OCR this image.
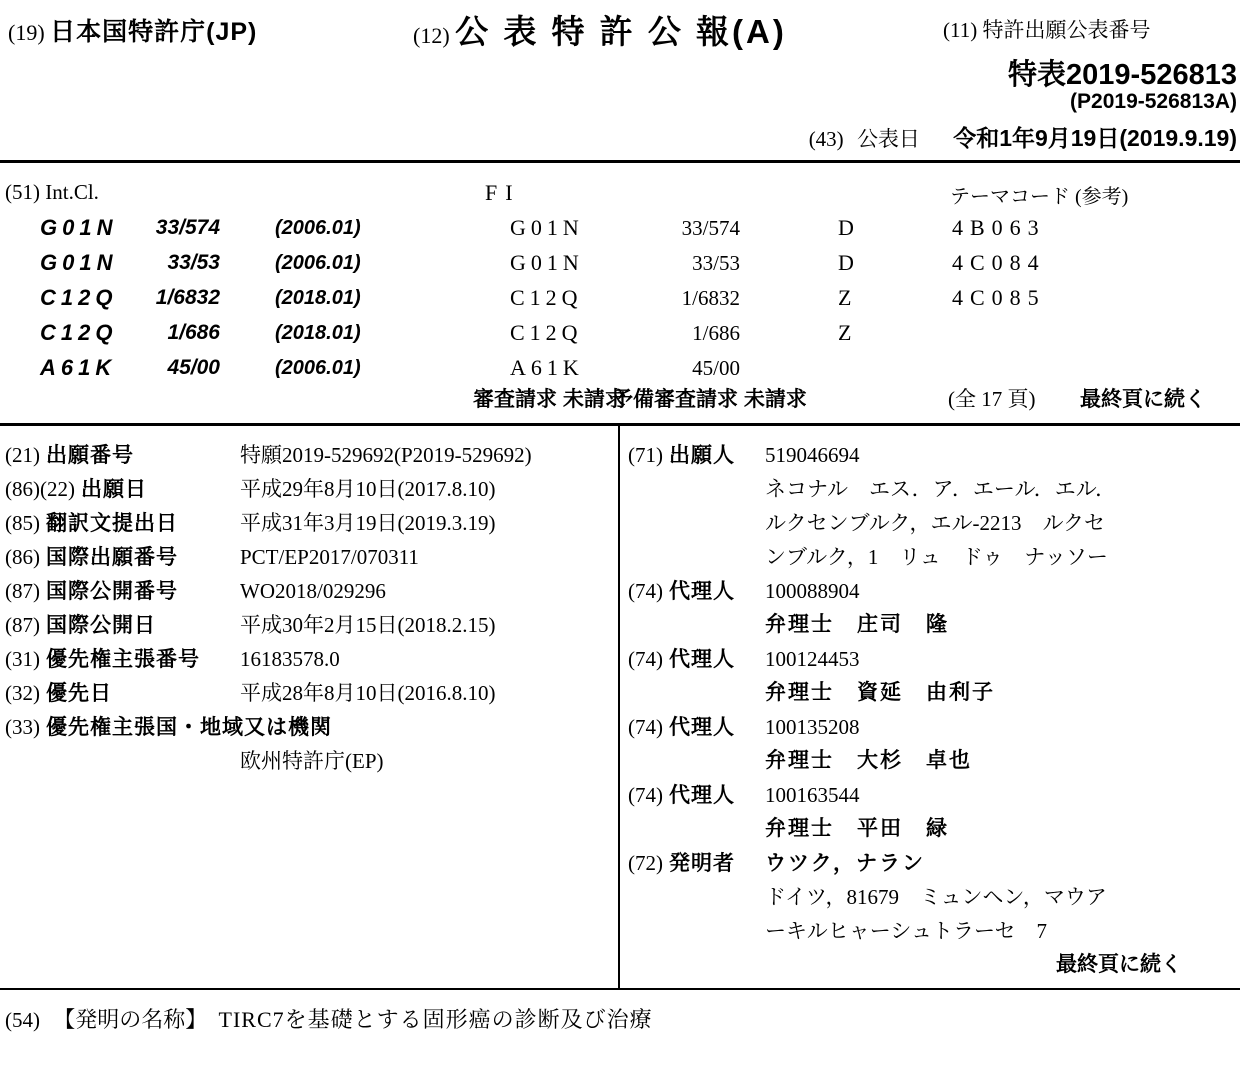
(19) 日本国特許庁(JP)	(12) 公 表 特 許 公 報(A)	(11) 特許出願公表番号
特表2019-526813
(P2019-526813A)
(43) 公表日 令和1年9月19日(2019.9.19)
(51) Int.Cl.	FI	テーマコード (参考)
G01N	33/574	(2006.01)	G01N	33/574	D	4B063
G01N	33/53	(2006.01)	G01N	33/53	D	4C084
C12Q	1/6832	(2018.01)	C12Q	1/6832	Z	4C085
C12Q	1/686	(2018.01)	C12Q	1/686	Z
A61K	45/00	(2006.01)	A61K	45/00
審査請求 未請求
予備審査請求 未請求	(全 17 頁) 最終頁に続く
(21) 出願番号	特願2019-529692(P2019-529692)
(86)(22) 出願日	平成29年8月10日(2017.8.10)
(85) 翻訳文提出日	平成31年3月19日(2019.3.19)
(86) 国際出願番号	PCT/EP2017/070311
(87) 国際公開番号	WO2018/029296
(87) 国際公開日	平成30年2月15日(2018.2.15)
(31) 優先権主張番号	16183578.0
(32) 優先日	平成28年8月10日(2016.8.10)
(33) 優先権主張国・地域又は機関
欧州特許庁(EP)
(71) 出願人	519046694
ネコナル　エス．ア．エール．エル．
ルクセンブルク，エル-2213　ルクセ
ンブルク，1　リュ　ドゥ　ナッソー
(74) 代理人	100088904
弁理士　庄司　隆
(74) 代理人	100124453
弁理士　資延　由利子
(74) 代理人	100135208
弁理士　大杉　卓也
(74) 代理人	100163544
弁理士　平田　緑
(72) 発明者	ウツク，ナラン
ドイツ，81679　ミュンヘン，マウア
ーキルヒャーシュトラーセ　7
最終頁に続く
(54) 【発明の名称】 TIRC7を基礎とする固形癌の診断及び治療
